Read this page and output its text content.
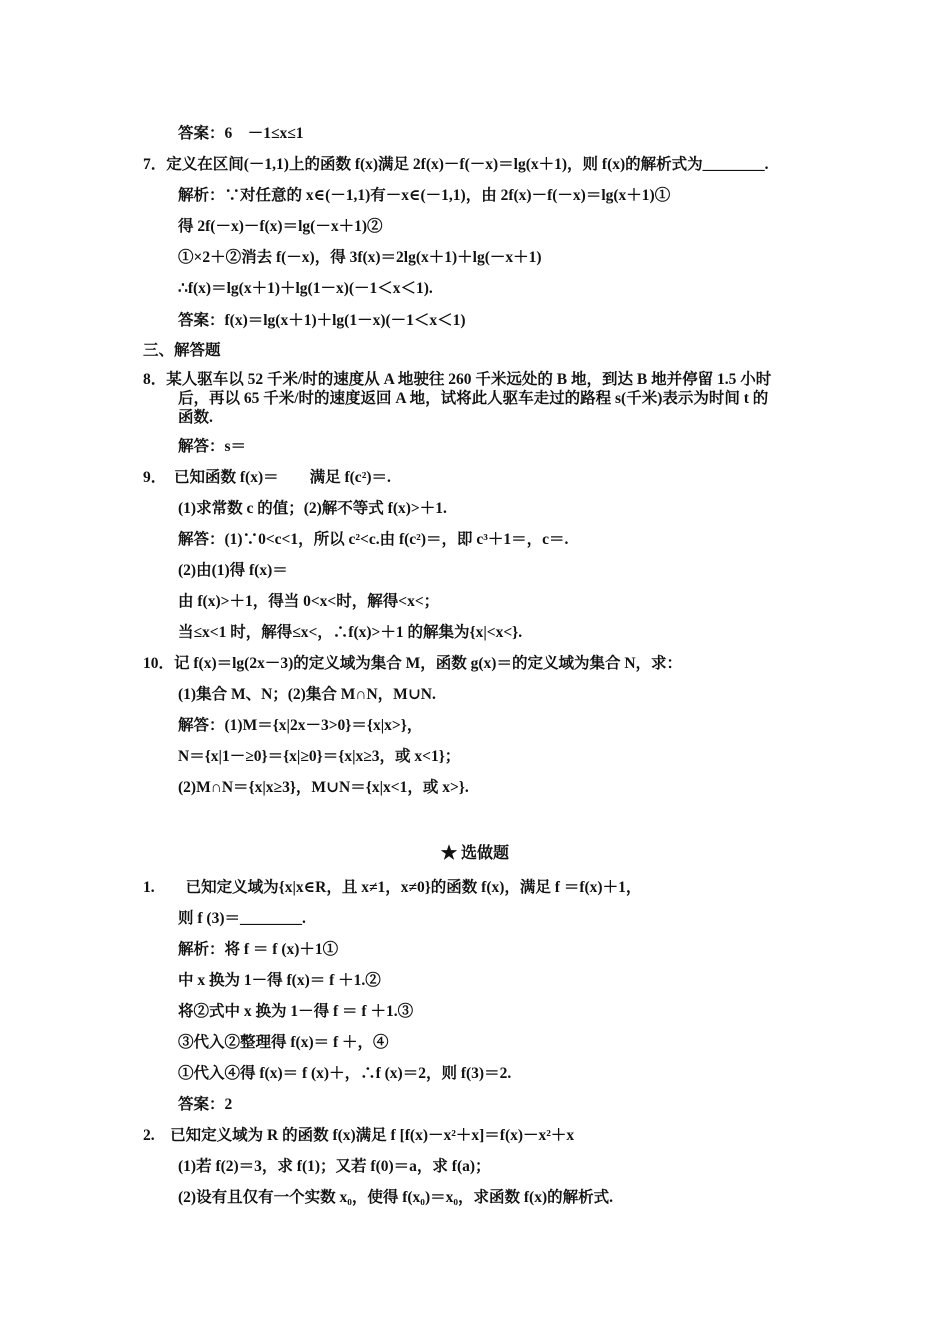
答案：6　－1≤x≤1
7．定义在区间(－1,1)上的函数 f(x)满足 2f(x)－f(－x)＝lg(x＋1)，则 f(x)的解析式为________.
解析：∵对任意的 x∈(－1,1)有－x∈(－1,1)，由 2f(x)－f(－x)＝lg(x＋1)①
得 2f(－x)－f(x)＝lg(－x＋1)②
①×2＋②消去 f(－x)，得 3f(x)＝2lg(x＋1)＋lg(－x＋1)
∴f(x)＝lg(x＋1)＋lg(1－x)(－1＜x＜1).
答案：f(x)＝lg(x＋1)＋lg(1－x)(－1＜x＜1)
三、解答题
8．某人驱车以 52 千米/时的速度从 A 地驶往 260 千米远处的 B 地，到达 B 地并停留 1.5 小时
后，再以 65 千米/时的速度返回 A 地，试将此人驱车走过的路程 s(千米)表示为时间 t 的
函数.
解答：s＝
9．　已知函数 f(x)＝　　满足 f(c²)＝.
(1)求常数 c 的值；(2)解不等式 f(x)>＋1.
解答：(1)∵0<c<1，所以 c²<c.由 f(c²)＝，即 c³＋1＝，c＝.
(2)由(1)得 f(x)＝
由 f(x)>＋1，得当 0<x<时，解得<x<；
当≤x<1 时，解得≤x<，∴f(x)>＋1 的解集为{x|<x<}.
10．记 f(x)＝lg(2x－3)的定义域为集合 M，函数 g(x)＝的定义域为集合 N，求：
(1)集合 M、N；(2)集合 M∩N，M∪N.
解答：(1)M＝{x|2x－3>0}＝{x|x>}，
N＝{x|1－≥0}＝{x|≥0}＝{x|x≥3，或 x<1}；
(2)M∩N＝{x|x≥3}，M∪N＝{x|x<1，或 x>}.
★ 选做题
1.　　已知定义域为{x|x∈R，且 x≠1，x≠0}的函数 f(x)，满足 f ＝f(x)＋1，
则 f (3)＝________.
解析：将 f ＝ f (x)＋1①
中 x 换为 1－得 f(x)＝ f ＋1.②
将②式中 x 换为 1－得 f ＝ f ＋1.③
③代入②整理得 f(x)＝ f ＋，④
①代入④得 f(x)＝ f (x)＋，∴f (x)＝2，则 f(3)＝2.
答案：2
2.　已知定义域为 R 的函数 f(x)满足 f [f(x)－x²＋x]＝f(x)－x²＋x
(1)若 f(2)＝3，求 f(1)；又若 f(0)＝a，求 f(a)；
(2)设有且仅有一个实数 x₀，使得 f(x₀)＝x₀，求函数 f(x)的解析式.
